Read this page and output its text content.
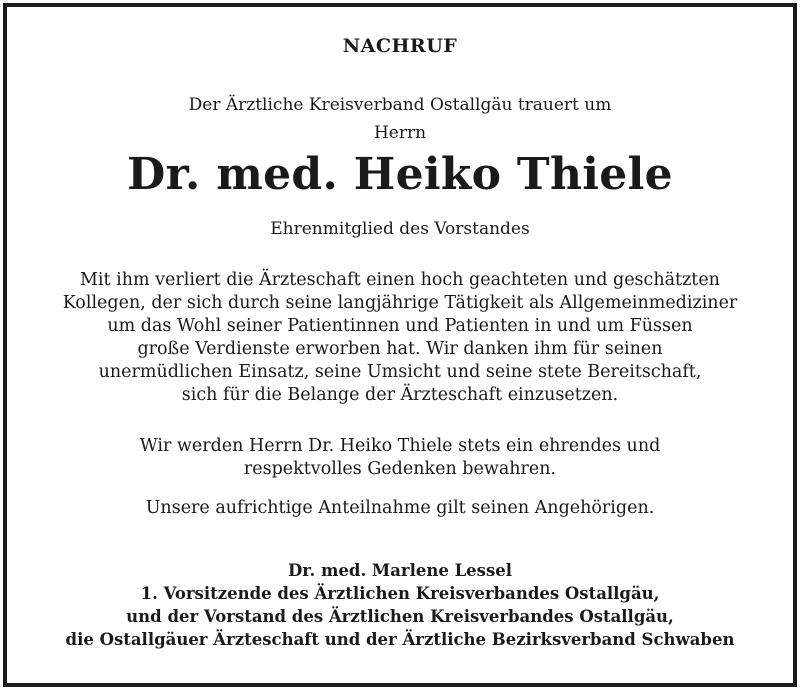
NACHRUF
Der Ärztliche Kreisverband Ostallgäu trauert um
Herrn
Dr. med. Heiko Thiele
Ehrenmitglied des Vorstandes
Mit ihm verliert die Ärzteschaft einen hoch geachteten und geschätzten
Kollegen, der sich durch seine langjährige Tätigkeit als Allgemeinmediziner
um das Wohl seiner Patientinnen und Patienten in und um Füssen
große Verdienste erworben hat. Wir danken ihm für seinen
unermüdlichen Einsatz, seine Umsicht und seine stete Bereitschaft,
sich für die Belange der Ärzteschaft einzusetzen.
Wir werden Herrn Dr. Heiko Thiele stets ein ehrendes und
respektvolles Gedenken bewahren.
Unsere aufrichtige Anteilnahme gilt seinen Angehörigen.
Dr. med. Marlene Lessel
1. Vorsitzende des Ärztlichen Kreisverbandes Ostallgäu,
und der Vorstand des Ärztlichen Kreisverbandes Ostallgäu,
die Ostallgäuer Ärzteschaft und der Ärztliche Bezirksverband Schwaben
